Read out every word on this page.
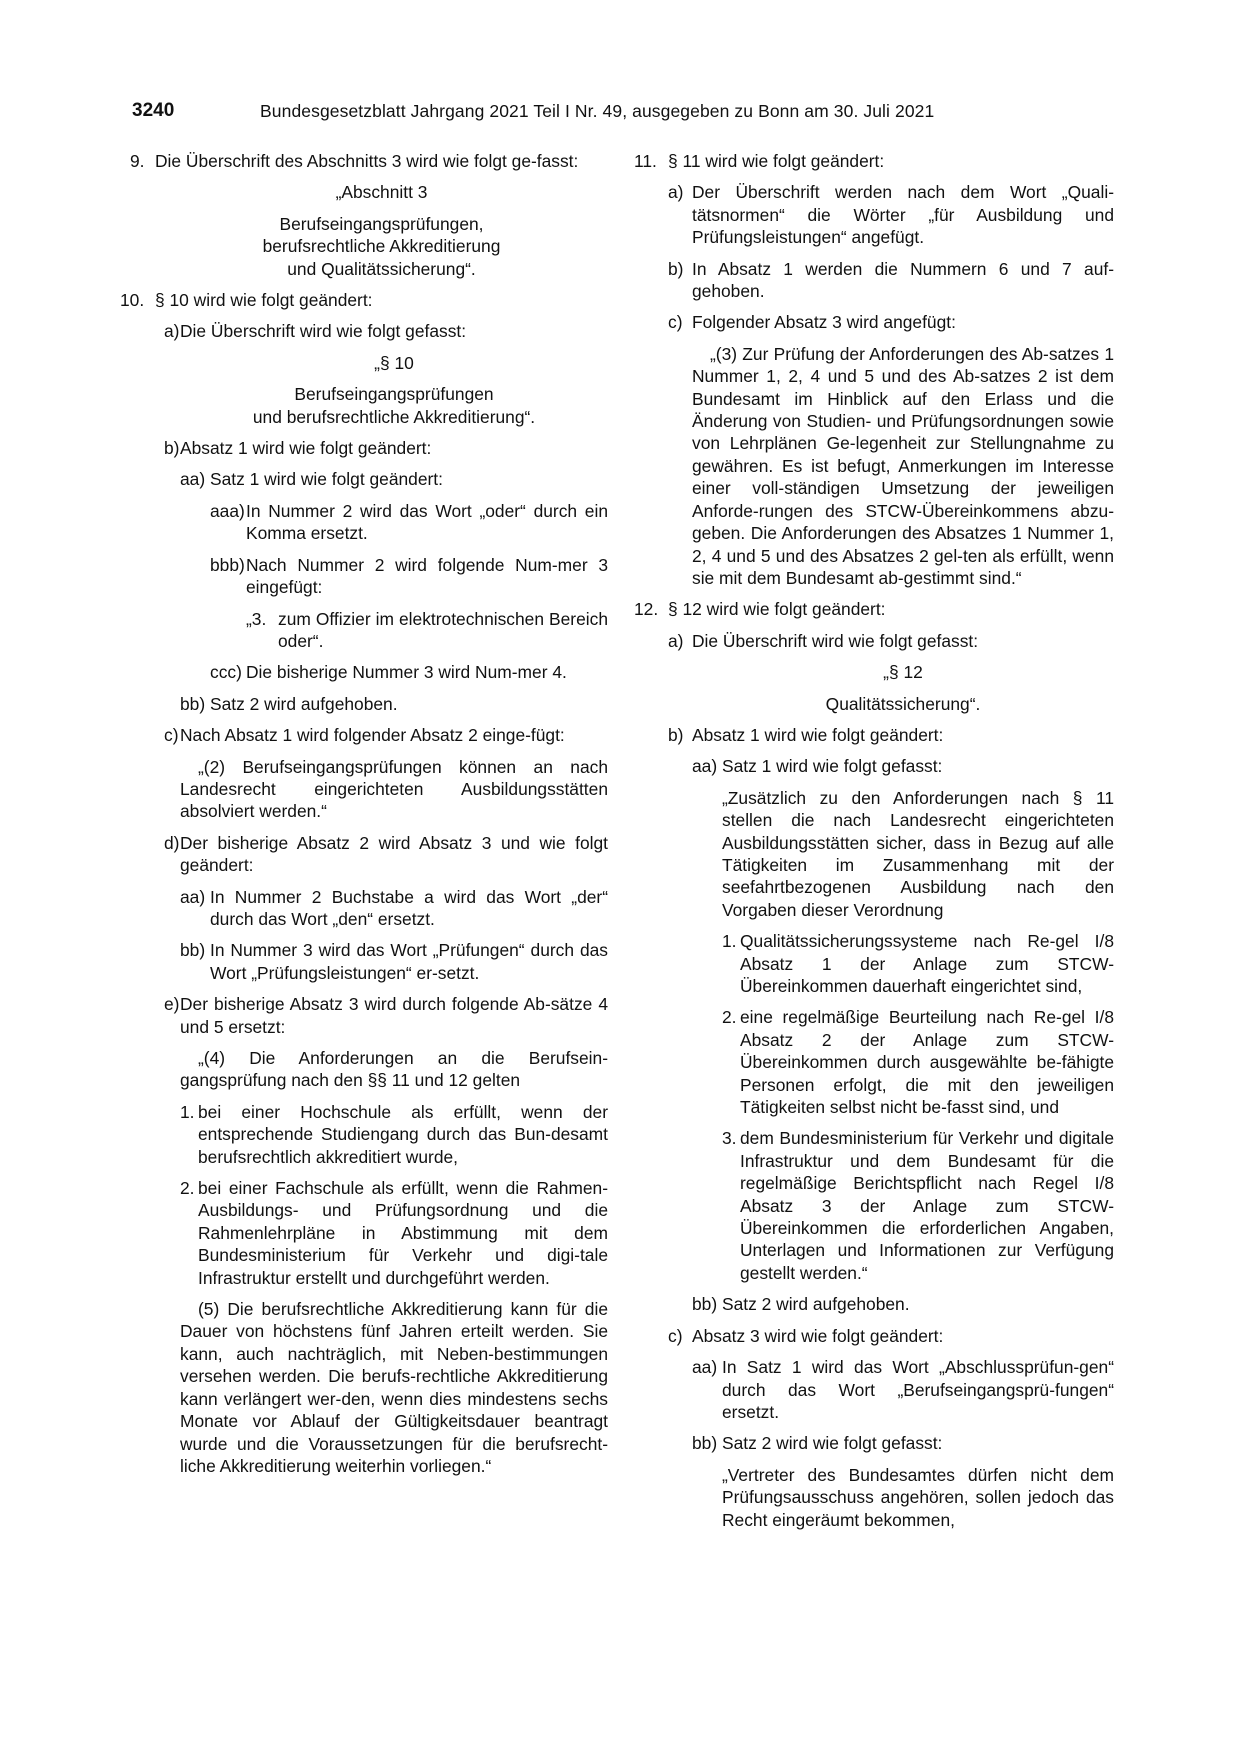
3240	Bundesgesetzblatt Jahrgang 2021 Teil I Nr. 49, ausgegeben zu Bonn am 30. Juli 2021
9. Die Überschrift des Abschnitts 3 wird wie folgt ge-fasst:
„Abschnitt 3
Berufseingangsprüfungen,
berufsrechtliche Akkreditierung
und Qualitätssicherung“.
10. § 10 wird wie folgt geändert:
a) Die Überschrift wird wie folgt gefasst:
„§ 10
Berufseingangsprüfungen
und berufsrechtliche Akkreditierung“.
b) Absatz 1 wird wie folgt geändert:
aa) Satz 1 wird wie folgt geändert:
aaa) In Nummer 2 wird das Wort „oder“ durch ein Komma ersetzt.
bbb) Nach Nummer 2 wird folgende Num-mer 3 eingefügt:
„3. zum Offizier im elektrotechnischen Bereich oder“.
ccc) Die bisherige Nummer 3 wird Num-mer 4.
bb) Satz 2 wird aufgehoben.
c) Nach Absatz 1 wird folgender Absatz 2 einge-fügt:
„(2) Berufseingangsprüfungen können an nach Landesrecht eingerichteten Ausbildungsstätten absolviert werden.“
d) Der bisherige Absatz 2 wird Absatz 3 und wie folgt geändert:
aa) In Nummer 2 Buchstabe a wird das Wort „der“ durch das Wort „den“ ersetzt.
bb) In Nummer 3 wird das Wort „Prüfungen“ durch das Wort „Prüfungsleistungen“ er-setzt.
e) Der bisherige Absatz 3 wird durch folgende Ab-sätze 4 und 5 ersetzt:
„(4) Die Anforderungen an die Berufsein-gangsprüfung nach den §§ 11 und 12 gelten
1. bei einer Hochschule als erfüllt, wenn der entsprechende Studiengang durch das Bun-desamt berufsrechtlich akkreditiert wurde,
2. bei einer Fachschule als erfüllt, wenn die Rahmen-Ausbildungs- und Prüfungsordnung und die Rahmenlehrpläne in Abstimmung mit dem Bundesministerium für Verkehr und digi-tale Infrastruktur erstellt und durchgeführt werden.
(5) Die berufsrechtliche Akkreditierung kann für die Dauer von höchstens fünf Jahren erteilt werden. Sie kann, auch nachträglich, mit Neben-bestimmungen versehen werden. Die berufs-rechtliche Akkreditierung kann verlängert wer-den, wenn dies mindestens sechs Monate vor Ablauf der Gültigkeitsdauer beantragt wurde und die Voraussetzungen für die berufsrecht-liche Akkreditierung weiterhin vorliegen.“
11. § 11 wird wie folgt geändert:
a) Der Überschrift werden nach dem Wort „Quali-tätsnormen“ die Wörter „für Ausbildung und Prüfungsleistungen“ angefügt.
b) In Absatz 1 werden die Nummern 6 und 7 auf-gehoben.
c) Folgender Absatz 3 wird angefügt:
„(3) Zur Prüfung der Anforderungen des Ab-satzes 1 Nummer 1, 2, 4 und 5 und des Ab-satzes 2 ist dem Bundesamt im Hinblick auf den Erlass und die Änderung von Studien- und Prüfungsordnungen sowie von Lehrplänen Ge-legenheit zur Stellungnahme zu gewähren. Es ist befugt, Anmerkungen im Interesse einer voll-ständigen Umsetzung der jeweiligen Anforde-rungen des STCW-Übereinkommens abzu-geben. Die Anforderungen des Absatzes 1 Nummer 1, 2, 4 und 5 und des Absatzes 2 gel-ten als erfüllt, wenn sie mit dem Bundesamt ab-gestimmt sind.“
12. § 12 wird wie folgt geändert:
a) Die Überschrift wird wie folgt gefasst:
„§ 12
Qualitätssicherung“.
b) Absatz 1 wird wie folgt geändert:
aa) Satz 1 wird wie folgt gefasst:
„Zusätzlich zu den Anforderungen nach § 11 stellen die nach Landesrecht eingerichteten Ausbildungsstätten sicher, dass in Bezug auf alle Tätigkeiten im Zusammenhang mit der seefahrtbezogenen Ausbildung nach den Vorgaben dieser Verordnung
1. Qualitätssicherungssysteme nach Re-gel I/8 Absatz 1 der Anlage zum STCW-Übereinkommen dauerhaft eingerichtet sind,
2. eine regelmäßige Beurteilung nach Re-gel I/8 Absatz 2 der Anlage zum STCW-Übereinkommen durch ausgewählte be-fähigte Personen erfolgt, die mit den jeweiligen Tätigkeiten selbst nicht be-fasst sind, und
3. dem Bundesministerium für Verkehr und digitale Infrastruktur und dem Bundesamt für die regelmäßige Berichtspflicht nach Regel I/8 Absatz 3 der Anlage zum STCW-Übereinkommen die erforderlichen Angaben, Unterlagen und Informationen zur Verfügung gestellt werden.“
bb) Satz 2 wird aufgehoben.
c) Absatz 3 wird wie folgt geändert:
aa) In Satz 1 wird das Wort „Abschlussprüfun-gen“ durch das Wort „Berufseingangsprü-fungen“ ersetzt.
bb) Satz 2 wird wie folgt gefasst:
„Vertreter des Bundesamtes dürfen nicht dem Prüfungsausschuss angehören, sollen jedoch das Recht eingeräumt bekommen,
